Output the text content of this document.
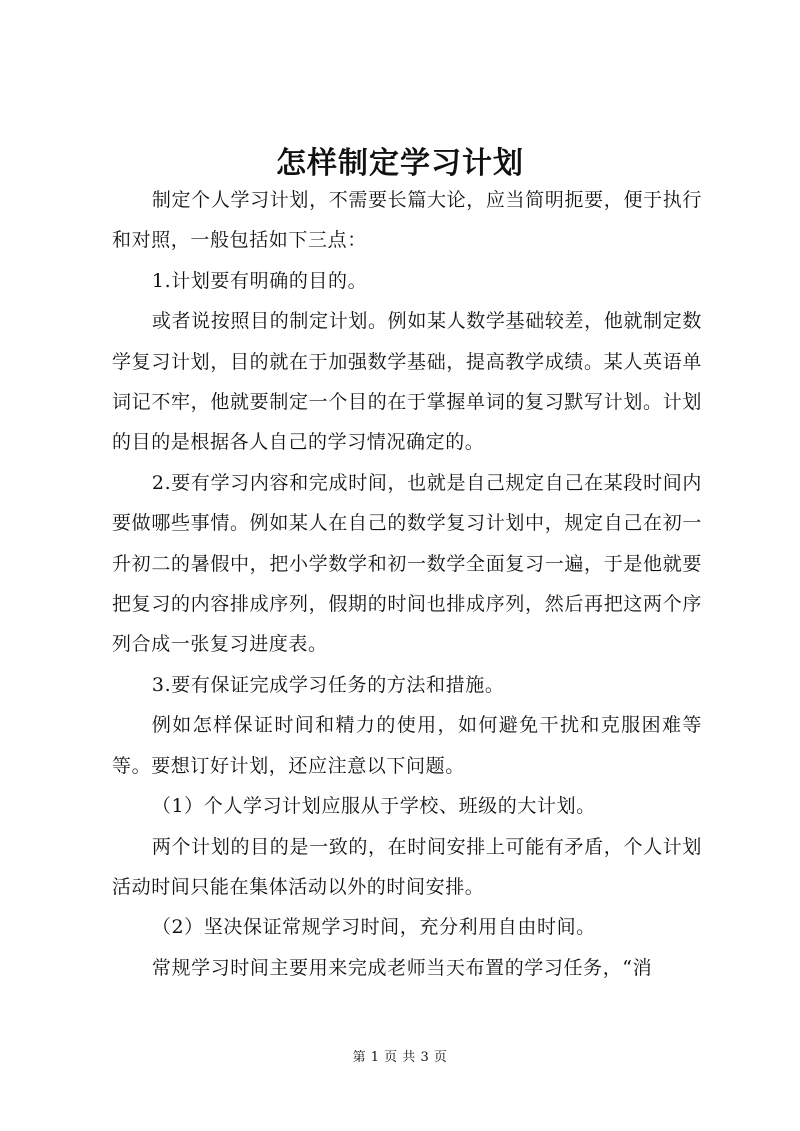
怎样制定学习计划

制定个人学习计划，不需要长篇大论，应当简明扼要，便于执行和对照，一般包括如下三点：

1.计划要有明确的目的。

或者说按照目的制定计划。例如某人数学基础较差，他就制定数学复习计划，目的就在于加强数学基础，提高教学成绩。某人英语单词记不牢，他就要制定一个目的在于掌握单词的复习默写计划。计划的目的是根据各人自己的学习情况确定的。

2.要有学习内容和完成时间，也就是自己规定自己在某段时间内要做哪些事情。例如某人在自己的数学复习计划中，规定自己在初一升初二的暑假中，把小学数学和初一数学全面复习一遍，于是他就要把复习的内容排成序列，假期的时间也排成序列，然后再把这两个序列合成一张复习进度表。

3.要有保证完成学习任务的方法和措施。

例如怎样保证时间和精力的使用，如何避免干扰和克服困难等等。要想订好计划，还应注意以下问题。

（1）个人学习计划应服从于学校、班级的大计划。

两个计划的目的是一致的，在时间安排上可能有矛盾，个人计划活动时间只能在集体活动以外的时间安排。

（2）坚决保证常规学习时间，充分利用自由时间。

常规学习时间主要用来完成老师当天布置的学习任务，“消

第 1 页 共 3 页
